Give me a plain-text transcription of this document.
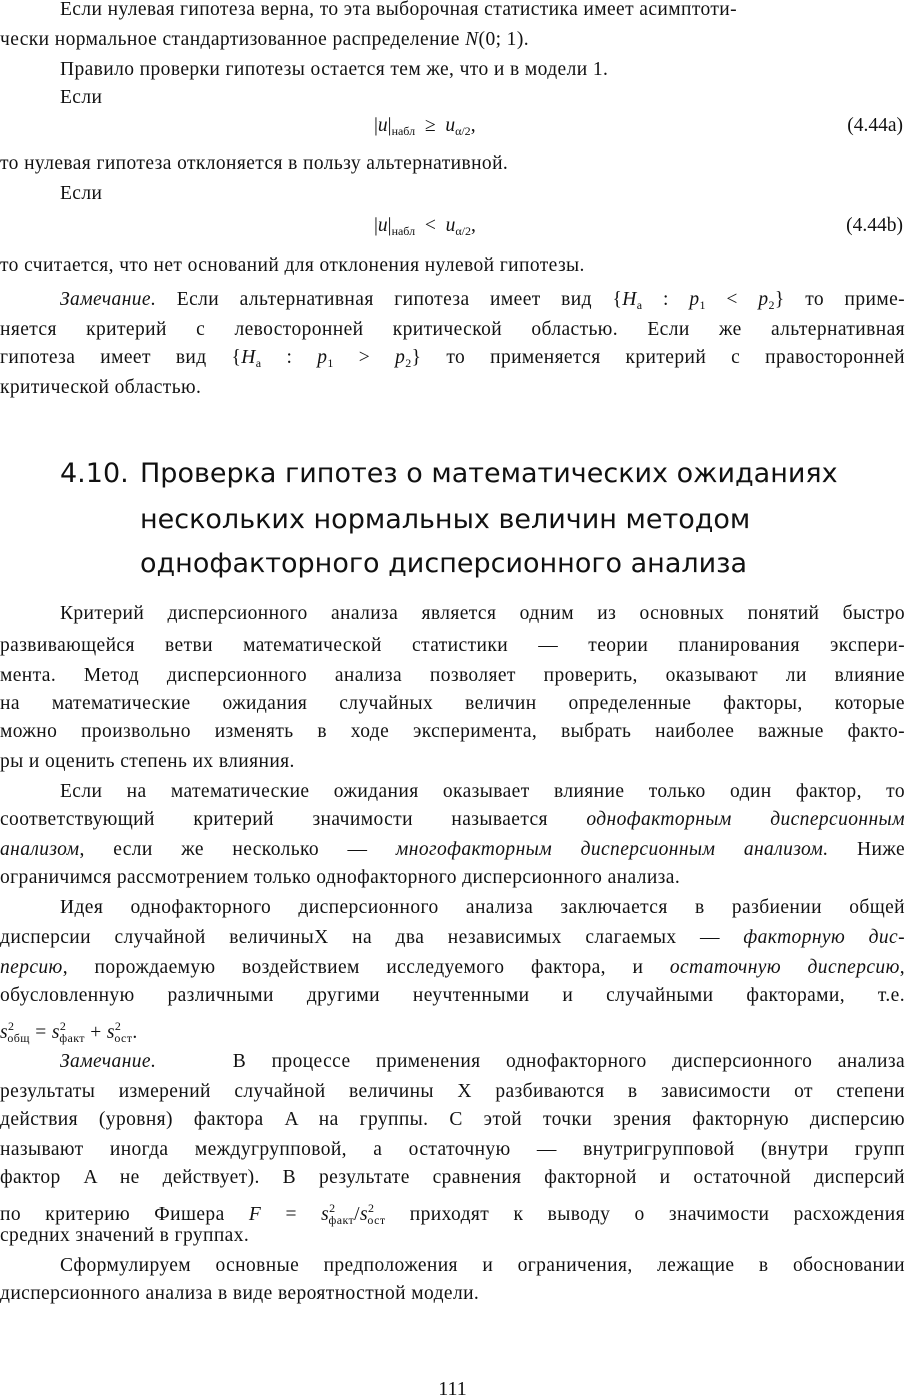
Если нулевая гипотеза верна, то эта выборочная статистика имеет асимптоти-
чески нормальное стандартизованное распределение N(0; 1).
Правило проверки гипотезы остается тем же, что и в модели 1.
Если
$|u|_{набл} \ge u_{\alpha/2}$,	(4.44a)
то нулевая гипотеза отклоняется в пользу альтернативной.
Если
$|u|_{набл} < u_{\alpha/2}$,	(4.44b)
то считается, что нет оснований для отклонения нулевой гипотезы.
Замечание. Если альтернативная гипотеза имеет вид {$H_a$ : $p_1 < p_2$} то приме-
няется критерий с левосторонней критической областью. Если же альтернативная
гипотеза имеет вид {$H_a$ : $p_1 > p_2$} то применяется критерий с правосторонней
критической областью.
4.10. Проверка гипотез о математических ожиданиях
нескольких нормальных величин методом
однофакторного дисперсионного анализа
Критерий дисперсионного анализа является одним из основных понятий быстро
развивающейся ветви математической статистики — теории планирования экспери-
мента. Метод дисперсионного анализа позволяет проверить, оказывают ли влияние
на математические ожидания случайных величин определенные факторы, которые
можно произвольно изменять в ходе эксперимента, выбрать наиболее важные факто-
ры и оценить степень их влияния.
Если на математические ожидания оказывает влияние только один фактор, то
соответствующий критерий значимости называется однофакторным дисперсионным
анализом, если же несколько — многофакторным дисперсионным анализом. Ниже
ограничимся рассмотрением только однофакторного дисперсионного анализа.
Идея однофакторного дисперсионного анализа заключается в разбиении общей
дисперсии случайной величиныX на два независимых слагаемых — факторную дис-
персию, порождаемую воздействием исследуемого фактора, и остаточную дисперсию,
обусловленную различными другими неучтенными и случайными факторами, т.е.
$s^2_{общ} = s^2_{факт} + s^2_{ост}$.
Замечание.	В процессе применения однофакторного дисперсионного анализа
результаты измерений случайной величины X разбиваются в зависимости от степени
действия (уровня) фактора A на группы. С этой точки зрения факторную дисперсию
называют иногда междугрупповой, а остаточную — внутригрупповой (внутри групп
фактор A не действует). В результате сравнения факторной и остаточной дисперсий
по критерию Фишера $F = s^2_{факт}/s^2_{ост}$ приходят к выводу о значимости расхождения
средних значений в группах.
Сформулируем основные предположения и ограничения, лежащие в обосновании
дисперсионного анализа в виде вероятностной модели.
111
